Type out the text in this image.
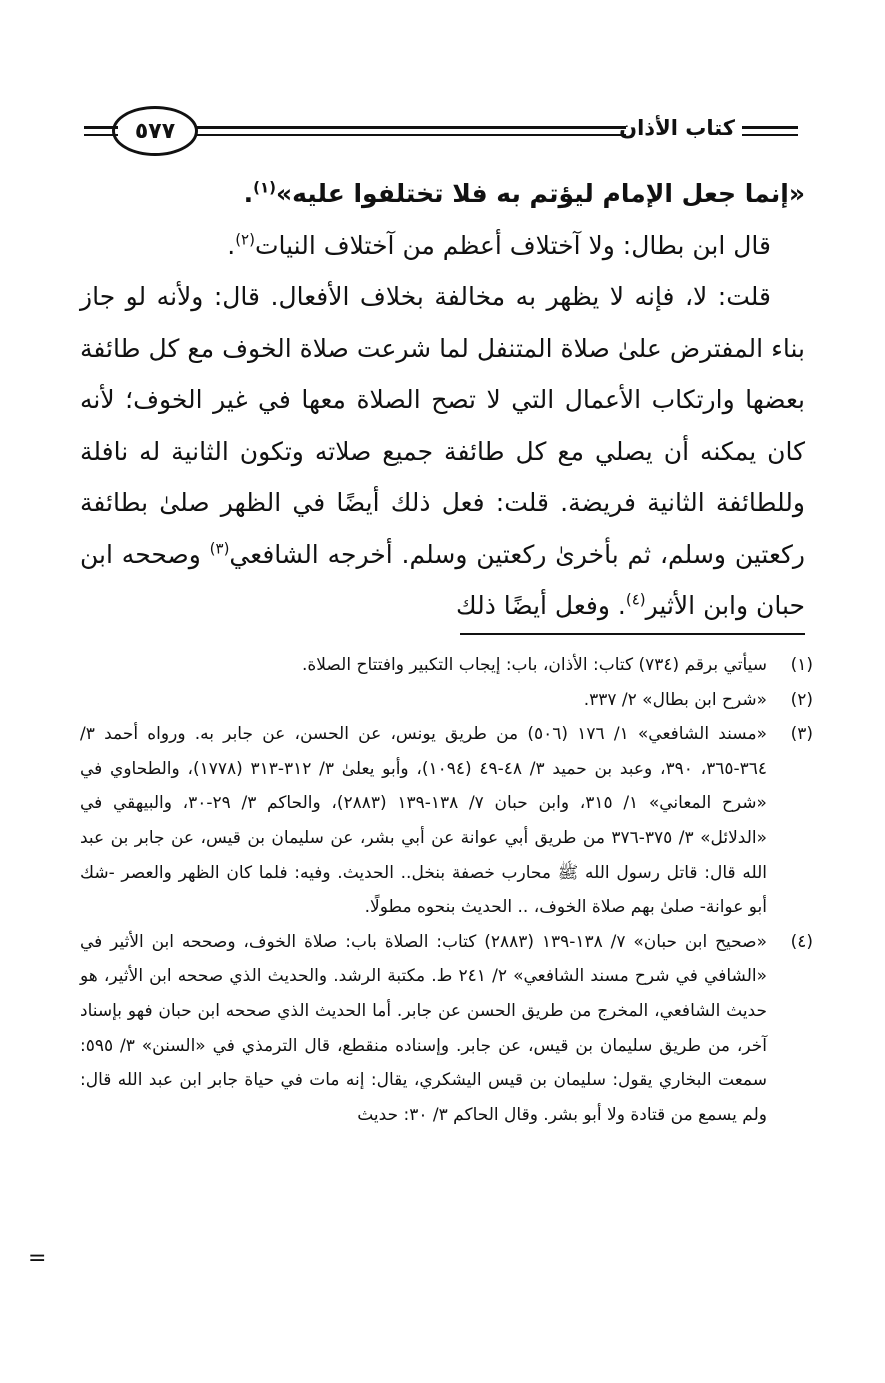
٥٧٧	كتاب الأذان

«إنما جعل الإمام ليؤتم به فلا تختلفوا عليه»$^{(١)}$.

قال ابن بطال: ولا آختلاف أعظم من آختلاف النيات$^{(٢)}$.

قلت: لا، فإنه لا يظهر به مخالفة بخلاف الأفعال. قال: ولأنه لو جاز بناء المفترض علىٰ صلاة المتنفل لما شرعت صلاة الخوف مع كل طائفة بعضها وارتكاب الأعمال التي لا تصح الصلاة معها في غير الخوف؛ لأنه كان يمكنه أن يصلي مع كل طائفة جميع صلاته وتكون الثانية له نافلة وللطائفة الثانية فريضة. قلت: فعل ذلك أيضًا في الظهر صلىٰ بطائفة ركعتين وسلم، ثم بأخرىٰ ركعتين وسلم. أخرجه الشافعي$^{(٣)}$ وصححه ابن حبان وابن الأثير$^{(٤)}$. وفعل أيضًا ذلك

(١)
سيأتي برقم (٧٣٤) كتاب: الأذان، باب: إيجاب التكبير وافتتاح الصلاة.
(٢)
«شرح ابن بطال» ٢/ ٣٣٧.
(٣)
«مسند الشافعي» ١/ ١٧٦ (٥٠٦) من طريق يونس، عن الحسن، عن جابر به. ورواه أحمد ٣/ ٣٦٤-٣٦٥، ٣٩٠، وعبد بن حميد ٣/ ٤٨-٤٩ (١٠٩٤)، وأبو يعلىٰ ٣/ ٣١٢-٣١٣ (١٧٧٨)، والطحاوي في «شرح المعاني» ١/ ٣١٥، وابن حبان ٧/ ١٣٨-١٣٩ (٢٨٨٣)، والحاكم ٣/ ٢٩-٣٠، والبيهقي في «الدلائل» ٣/ ٣٧٥-٣٧٦ من طريق أبي عوانة عن أبي بشر، عن سليمان بن قيس، عن جابر بن عبد الله قال: قاتل رسول الله ﷺ محارب خصفة بنخل.. الحديث. وفيه: فلما كان الظهر والعصر -شك أبو عوانة- صلىٰ بهم صلاة الخوف، .. الحديث بنحوه مطولًا.
(٤)
«صحيح ابن حبان» ٧/ ١٣٨-١٣٩ (٢٨٨٣) كتاب: الصلاة باب: صلاة الخوف، وصححه ابن الأثير في «الشافي في شرح مسند الشافعي» ٢/ ٢٤١ ط. مكتبة الرشد. والحديث الذي صححه ابن الأثير، هو حديث الشافعي، المخرج من طريق الحسن عن جابر. أما الحديث الذي صححه ابن حبان فهو بإسناد آخر، من طريق سليمان بن قيس، عن جابر. وإسناده منقطع، قال الترمذي في «السنن» ٣/ ٥٩٥: سمعت البخاري يقول: سليمان بن قيس اليشكري، يقال: إنه مات في حياة جابر ابن عبد الله قال: ولم يسمع من قتادة ولا أبو بشر. وقال الحاكم ٣/ ٣٠: حديث
=
